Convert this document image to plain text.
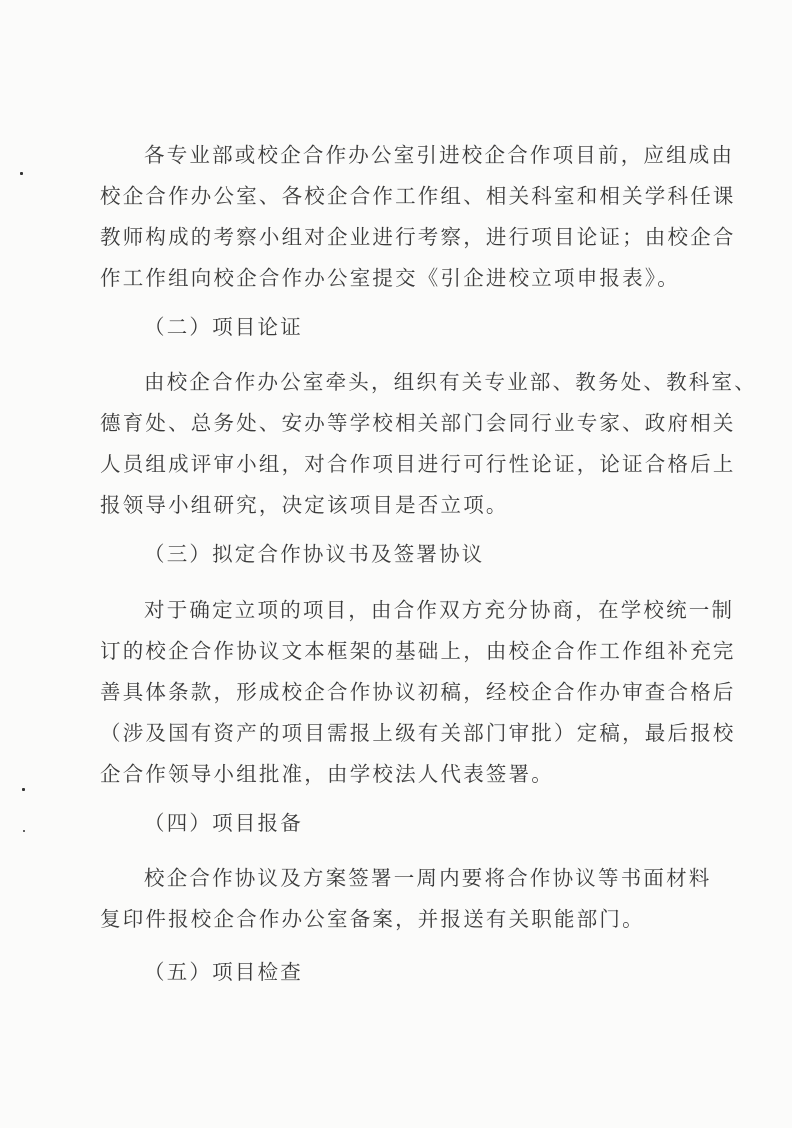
各专业部或校企合作办公室引进校企合作项目前，应组成由
校企合作办公室、各校企合作工作组、相关科室和相关学科任课
教师构成的考察小组对企业进行考察，进行项目论证；由校企合
作工作组向校企合作办公室提交《引企进校立项申报表》。
（二）项目论证
由校企合作办公室牵头，组织有关专业部、教务处、教科室、
德育处、总务处、安办等学校相关部门会同行业专家、政府相关
人员组成评审小组，对合作项目进行可行性论证，论证合格后上
报领导小组研究，决定该项目是否立项。
（三）拟定合作协议书及签署协议
对于确定立项的项目，由合作双方充分协商，在学校统一制
订的校企合作协议文本框架的基础上，由校企合作工作组补充完
善具体条款，形成校企合作协议初稿，经校企合作办审查合格后
（涉及国有资产的项目需报上级有关部门审批）定稿，最后报校
企合作领导小组批准，由学校法人代表签署。
（四）项目报备
校企合作协议及方案签署一周内要将合作协议等书面材料
复印件报校企合作办公室备案，并报送有关职能部门。
（五）项目检查
